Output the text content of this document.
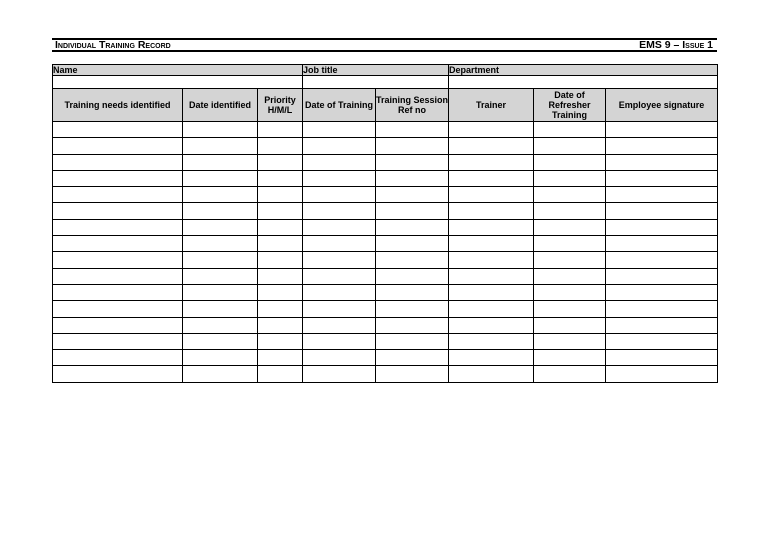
Individual Training Record	EMS 9 – Issue 1
Name			Job title		Department		

Training needs identified	Date identified	Priority H/M/L	Date of Training	Training Session Ref no	Trainer	Date of Refresher Training	Employee signature
